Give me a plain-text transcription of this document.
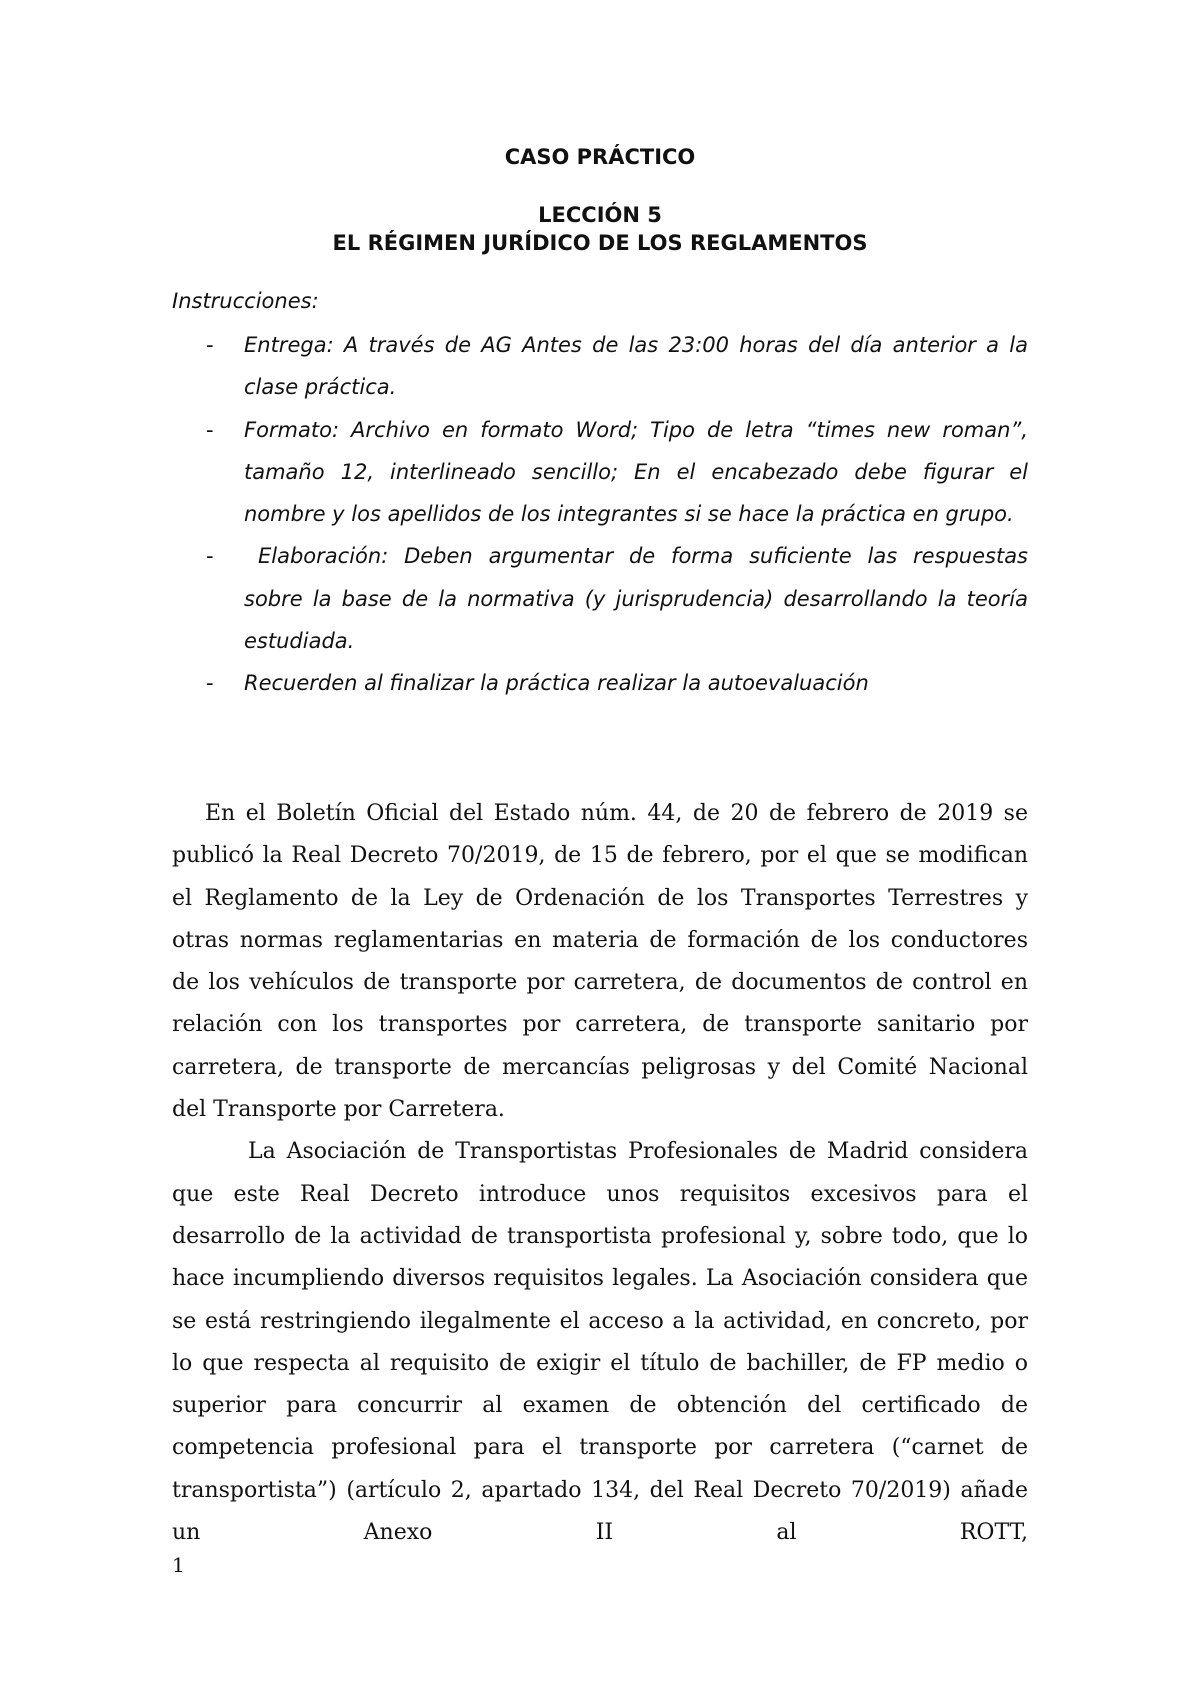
CASO PRÁCTICO
LECCIÓN 5
EL RÉGIMEN JURÍDICO DE LOS REGLAMENTOS

Instrucciones:

- Entrega: A través de AG Antes de las 23:00 horas del día anterior a la clase práctica.
- Formato: Archivo en formato Word; Tipo de letra “times new roman”, tamaño 12, interlineado sencillo; En el encabezado debe figurar el nombre y los apellidos de los integrantes si se hace la práctica en grupo.
-	Elaboración: Deben argumentar de forma suficiente las respuestas sobre la base de la normativa (y jurisprudencia) desarrollando la teoría estudiada.
- Recuerden al finalizar la práctica realizar la autoevaluación

En el Boletín Oficial del Estado núm. 44, de 20 de febrero de 2019 se publicó la Real Decreto 70/2019, de 15 de febrero, por el que se modifican el Reglamento de la Ley de Ordenación de los Transportes Terrestres y otras normas reglamentarias en materia de formación de los conductores de los vehículos de transporte por carretera, de documentos de control en relación con los transportes por carretera, de transporte sanitario por carretera, de transporte de mercancías peligrosas y del Comité Nacional del Transporte por Carretera.

La Asociación de Transportistas Profesionales de Madrid considera que este Real Decreto introduce unos requisitos excesivos para el desarrollo de la actividad de transportista profesional y, sobre todo, que lo hace incumpliendo diversos requisitos legales. La Asociación considera que se está restringiendo ilegalmente el acceso a la actividad, en concreto, por lo que respecta al requisito de exigir el título de bachiller, de FP medio o superior para concurrir al examen de obtención del certificado de competencia profesional para el transporte por carretera (“carnet de transportista”) (artículo 2, apartado 134, del Real Decreto 70/2019) añade un Anexo II al ROTT,

1
